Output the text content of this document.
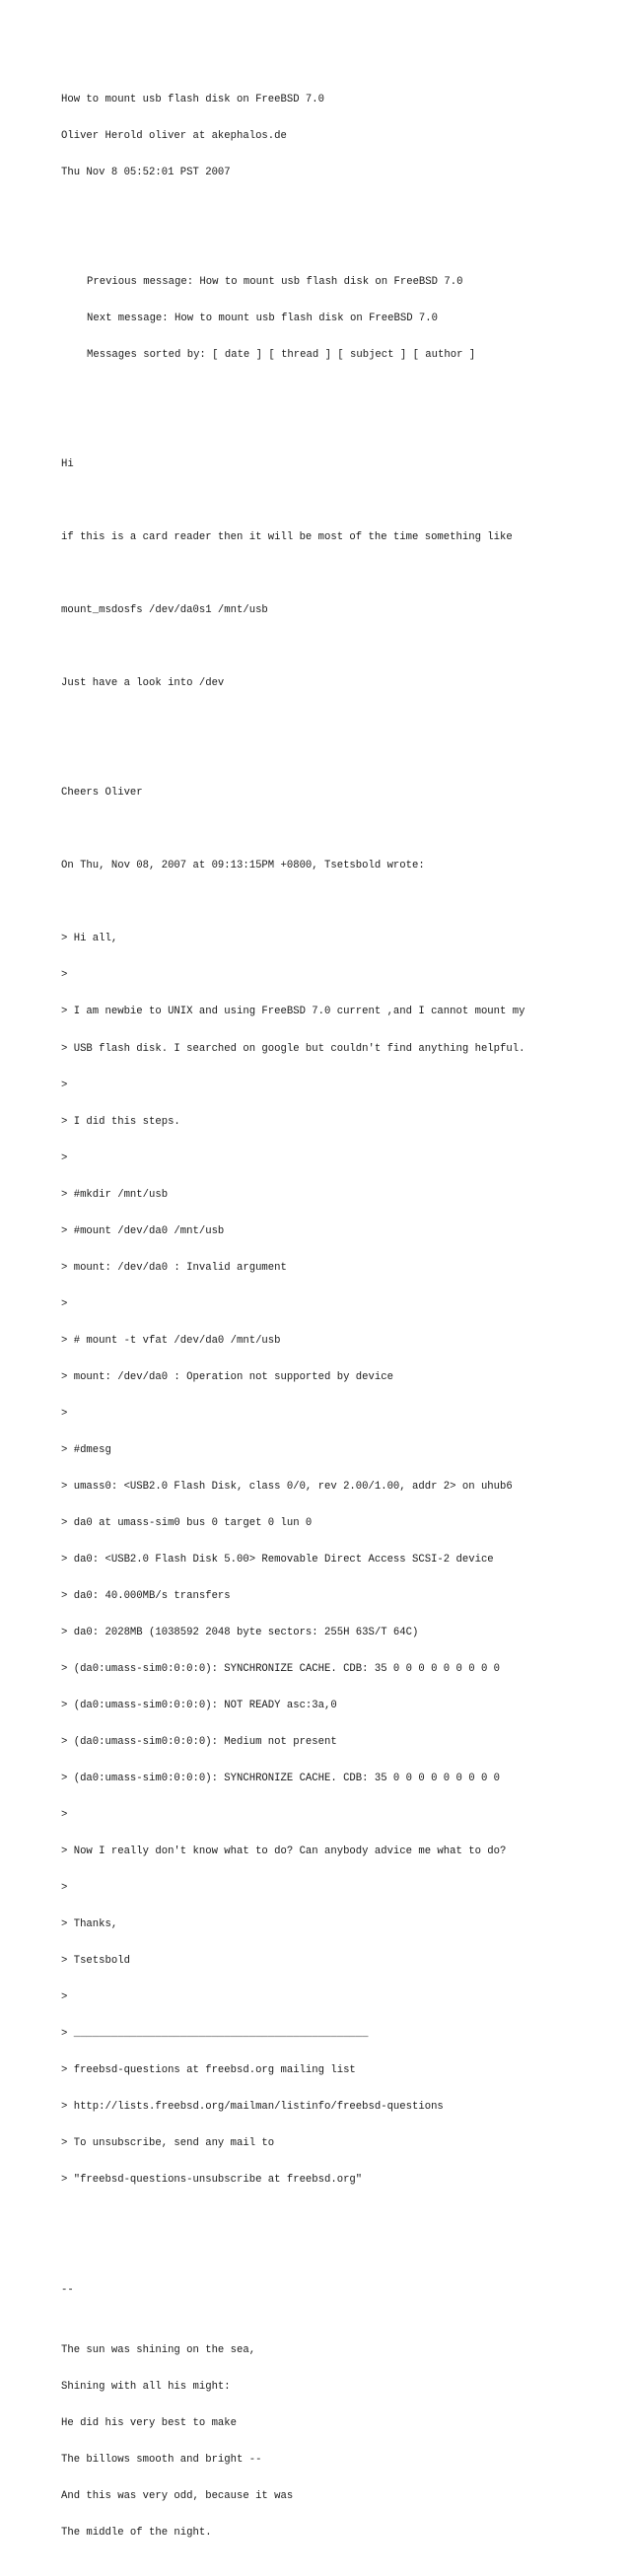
How to mount usb flash disk on FreeBSD 7.0

Oliver Herold oliver at akephalos.de

Thu Nov 8 05:52:01 PST 2007

Previous message: How to mount usb flash disk on FreeBSD 7.0

Next message: How to mount usb flash disk on FreeBSD 7.0

Messages sorted by: [ date ] [ thread ] [ subject ] [ author ]

Hi

if this is a card reader then it will be most of the time something like

mount_msdosfs /dev/da0s1 /mnt/usb

Just have a look into /dev

Cheers Oliver

On Thu, Nov 08, 2007 at 09:13:15PM +0800, Tsetsbold wrote:

> Hi all,

>

> I am newbie to UNIX and using FreeBSD 7.0 current ,and I cannot mount my

> USB flash disk. I searched on google but couldn't find anything helpful.

>

> I did this steps.

>

> #mkdir /mnt/usb

> #mount /dev/da0 /mnt/usb

> mount: /dev/da0 : Invalid argument

>

> # mount -t vfat /dev/da0 /mnt/usb

> mount: /dev/da0 : Operation not supported by device

>

> #dmesg

> umass0: <USB2.0 Flash Disk, class 0/0, rev 2.00/1.00, addr 2> on uhub6

> da0 at umass-sim0 bus 0 target 0 lun 0

> da0: <USB2.0 Flash Disk 5.00> Removable Direct Access SCSI-2 device

> da0: 40.000MB/s transfers

> da0: 2028MB (1038592 2048 byte sectors: 255H 63S/T 64C)

> (da0:umass-sim0:0:0:0): SYNCHRONIZE CACHE. CDB: 35 0 0 0 0 0 0 0 0 0

> (da0:umass-sim0:0:0:0): NOT READY asc:3a,0

> (da0:umass-sim0:0:0:0): Medium not present

> (da0:umass-sim0:0:0:0): SYNCHRONIZE CACHE. CDB: 35 0 0 0 0 0 0 0 0 0

>

> Now I really don't know what to do? Can anybody advice me what to do?

>

> Thanks,

> Tsetsbold

>

> _______________________________________________

> freebsd-questions at freebsd.org mailing list

> http://lists.freebsd.org/mailman/listinfo/freebsd-questions

> To unsubscribe, send any mail to

> "freebsd-questions-unsubscribe at freebsd.org"

--

The sun was shining on the sea,

Shining with all his might:

He did his very best to make

The billows smooth and bright --

And this was very odd, because it was

The middle of the night.
